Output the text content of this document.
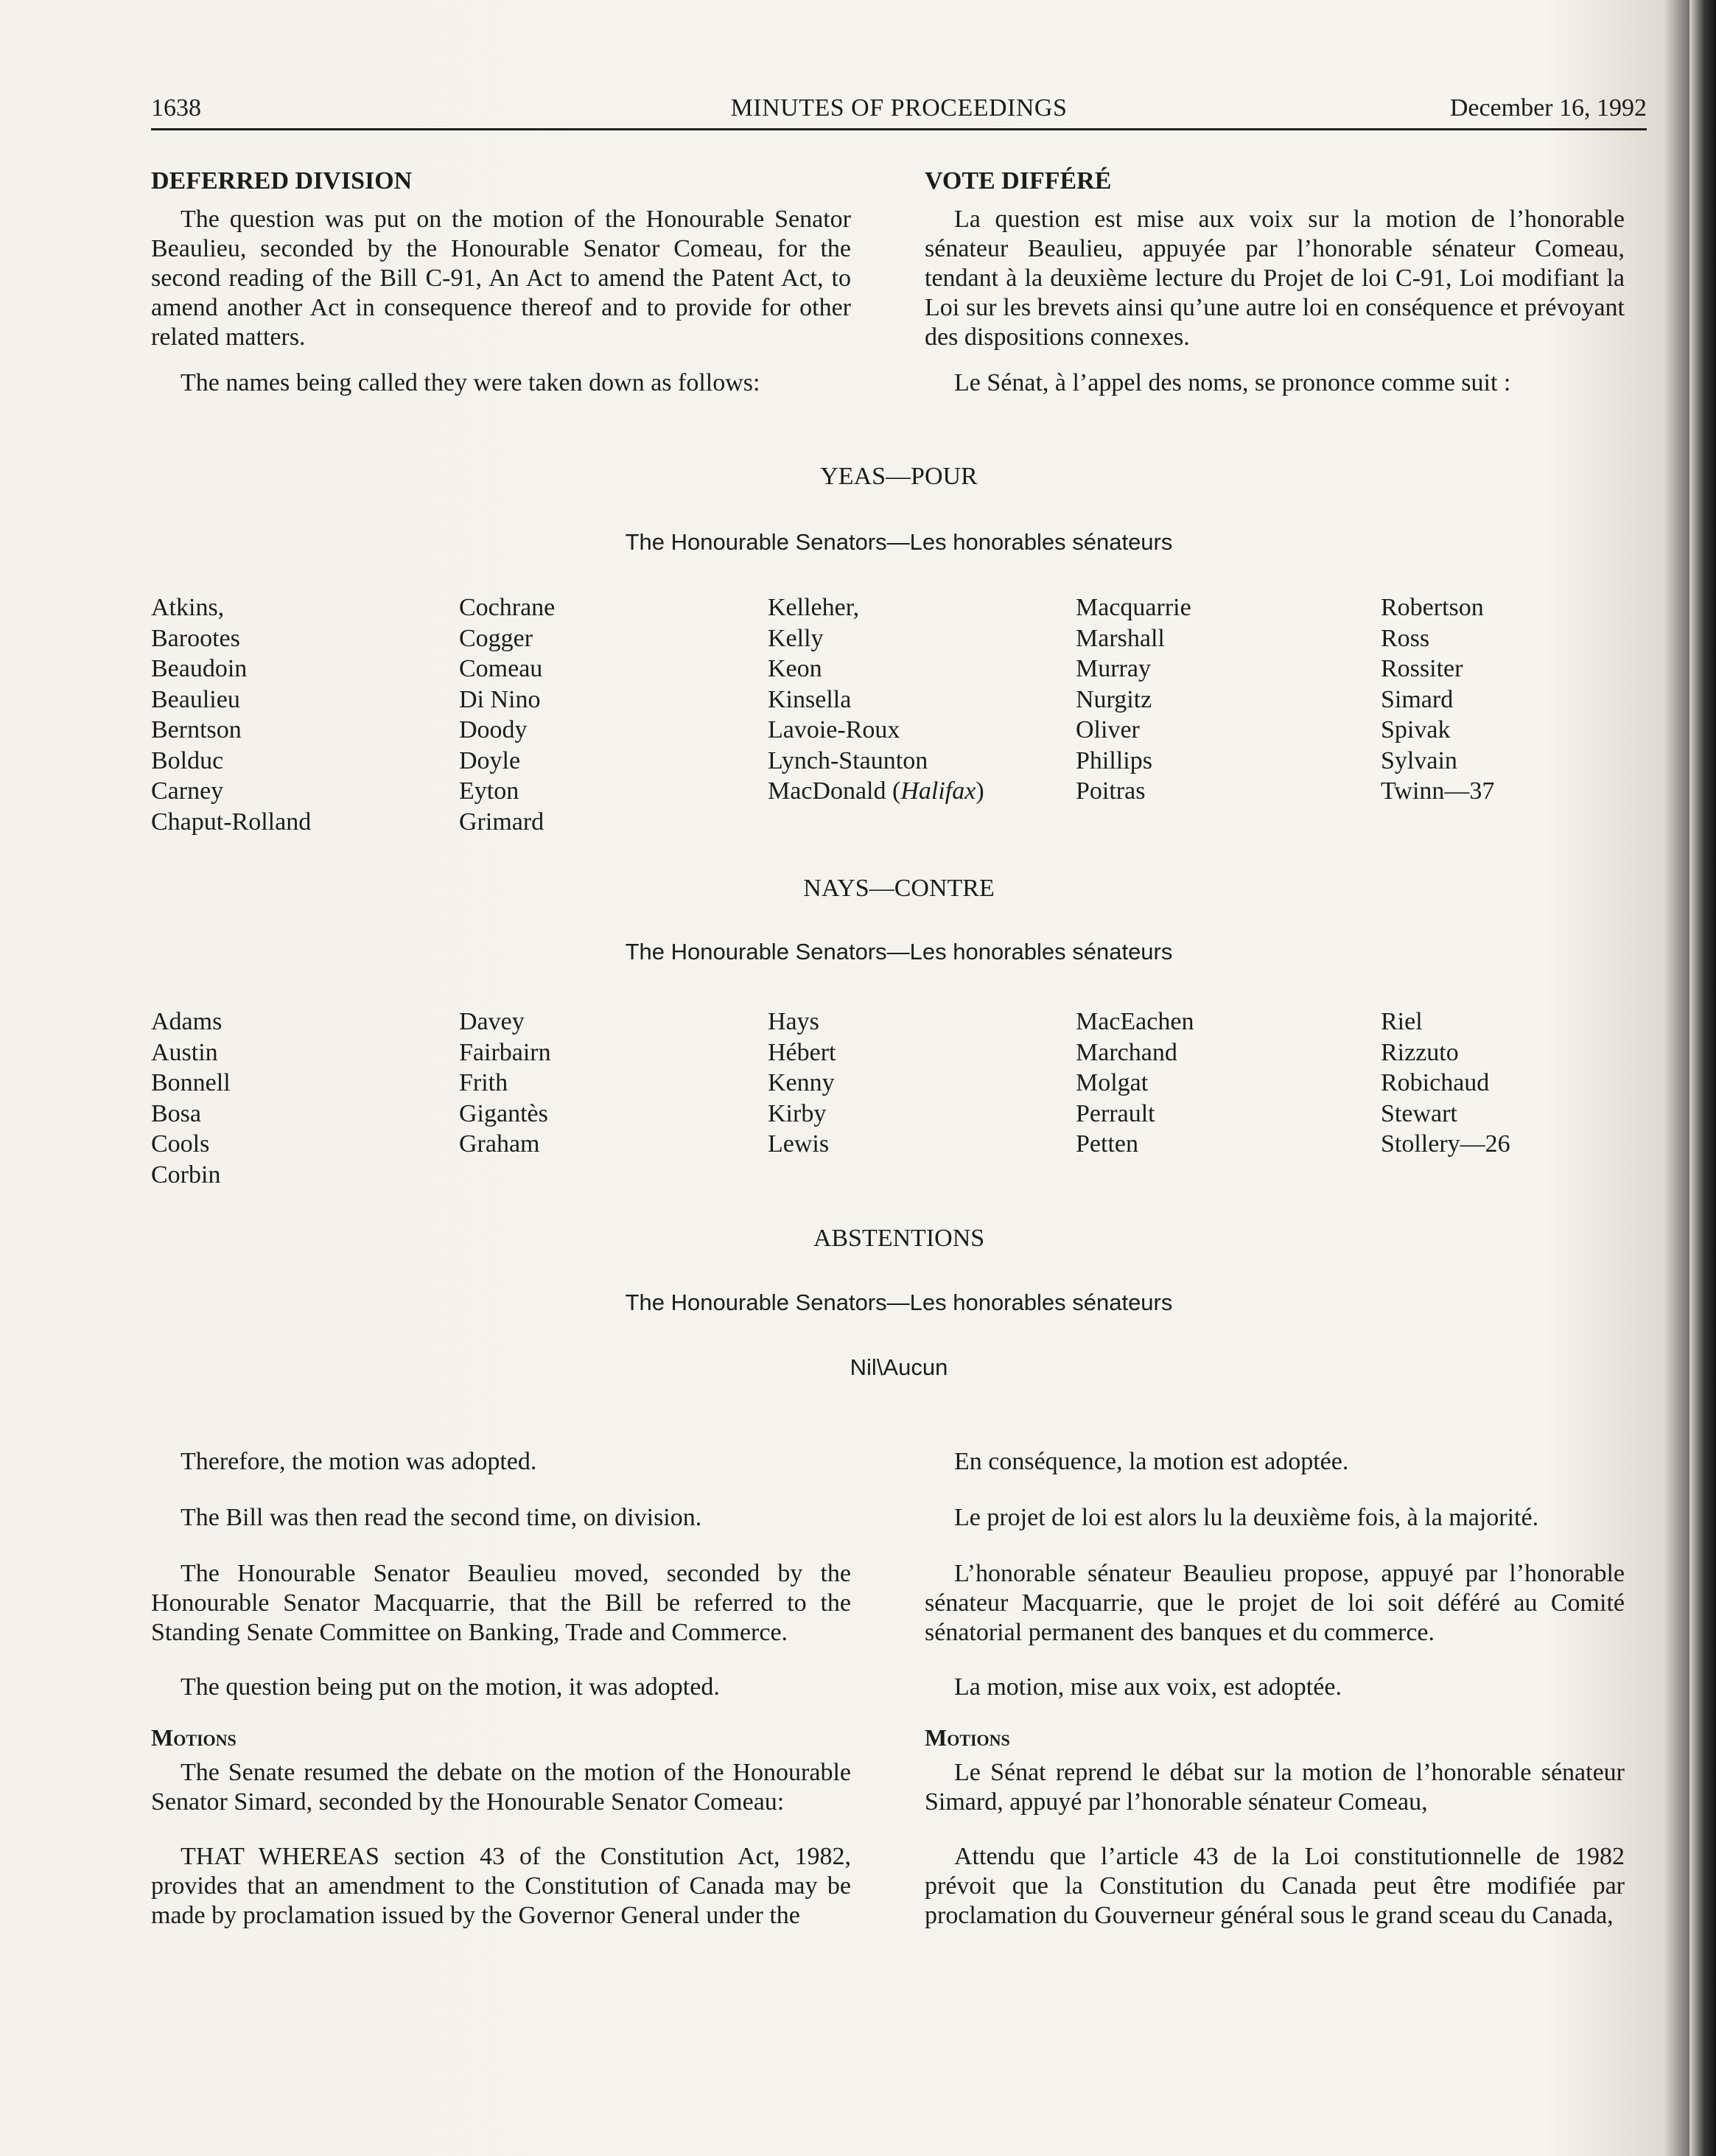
1638	MINUTES OF PROCEEDINGS	December 16, 1992
DEFERRED DIVISION

The question was put on the motion of the Honourable Senator Beaulieu, seconded by the Honourable Senator Comeau, for the second reading of the Bill C-91, An Act to amend the Patent Act, to amend another Act in consequence thereof and to provide for other related matters.

The names being called they were taken down as follows:

VOTE DIFFÉRÉ

La question est mise aux voix sur la motion de l’honorable sénateur Beaulieu, appuyée par l’honorable sénateur Comeau, tendant à la deuxième lecture du Projet de loi C-91, Loi modifiant la Loi sur les brevets ainsi qu’une autre loi en conséquence et prévoyant des dispositions connexes.

Le Sénat, à l’appel des noms, se prononce comme suit :

YEAS—POUR
The Honourable Senators—Les honorables sénateurs
Atkins,
Barootes
Beaudoin
Beaulieu
Berntson
Bolduc
Carney
Chaput-Rolland
Cochrane
Cogger
Comeau
Di Nino
Doody
Doyle
Eyton
Grimard
Kelleher,
Kelly
Keon
Kinsella
Lavoie-Roux
Lynch-Staunton
MacDonald (Halifax)
Macquarrie
Marshall
Murray
Nurgitz
Oliver
Phillips
Poitras
Robertson
Ross
Rossiter
Simard
Spivak
Sylvain
Twinn—37
NAYS—CONTRE
The Honourable Senators—Les honorables sénateurs
Adams
Austin
Bonnell
Bosa
Cools
Corbin
Davey
Fairbairn
Frith
Gigantès
Graham
Hays
Hébert
Kenny
Kirby
Lewis
MacEachen
Marchand
Molgat
Perrault
Petten
Riel
Rizzuto
Robichaud
Stewart
Stollery—26
ABSTENTIONS
The Honourable Senators—Les honorables sénateurs
Nil\Aucun

Therefore, the motion was adopted.

The Bill was then read the second time, on division.

The Honourable Senator Beaulieu moved, seconded by the Honourable Senator Macquarrie, that the Bill be referred to the Standing Senate Committee on Banking, Trade and Commerce.

The question being put on the motion, it was adopted.

Motions

The Senate resumed the debate on the motion of the Honourable Senator Simard, seconded by the Honourable Senator Comeau:

THAT WHEREAS section 43 of the Constitution Act, 1982, provides that an amendment to the Constitution of Canada may be made by proclamation issued by the Governor General under the

En conséquence, la motion est adoptée.

Le projet de loi est alors lu la deuxième fois, à la majorité.

L’honorable sénateur Beaulieu propose, appuyé par l’honorable sénateur Macquarrie, que le projet de loi soit déféré au Comité sénatorial permanent des banques et du commerce.

La motion, mise aux voix, est adoptée.

Motions

Le Sénat reprend le débat sur la motion de l’honorable sénateur Simard, appuyé par l’honorable sénateur Comeau,

Attendu que l’article 43 de la Loi constitutionnelle de 1982 prévoit que la Constitution du Canada peut être modifiée par proclamation du Gouverneur général sous le grand sceau du Canada,
